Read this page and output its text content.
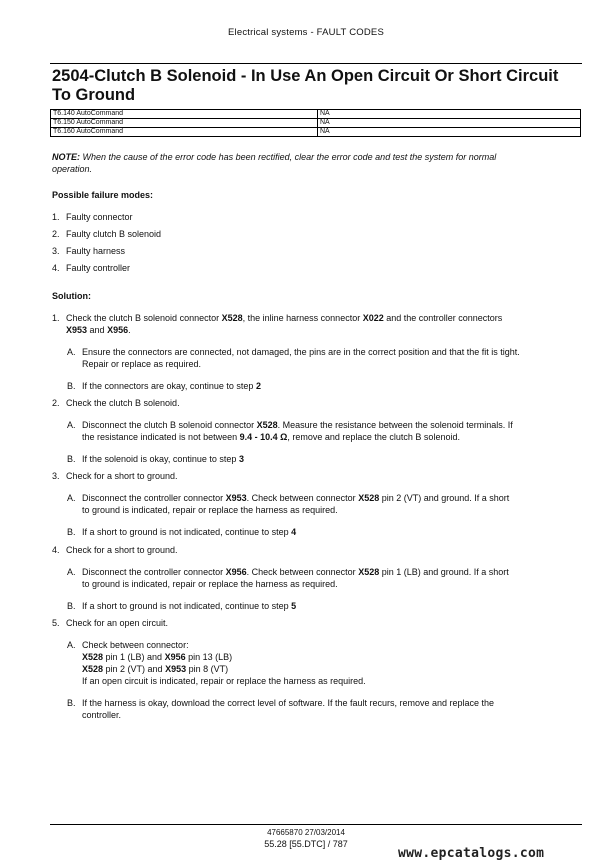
Electrical systems - FAULT CODES
2504-Clutch B Solenoid - In Use An Open Circuit Or Short Circuit
To Ground
T6.140 AutoCommand	NA
T6.150 AutoCommand	NA
T6.160 AutoCommand	NA
NOTE: When the cause of the error code has been rectified, clear the error code and test the system for normal
operation.
Possible failure modes:
1. Faulty connector
2. Faulty clutch B solenoid
3. Faulty harness
4. Faulty controller
Solution:
1. Check the clutch B solenoid connector X528, the inline harness connector X022 and the controller connectors
X953 and X956.
A. Ensure the connectors are connected, not damaged, the pins are in the correct position and that the fit is tight.
Repair or replace as required.
B. If the connectors are okay, continue to step 2
2. Check the clutch B solenoid.
A. Disconnect the clutch B solenoid connector X528. Measure the resistance between the solenoid terminals. If
the resistance indicated is not between 9.4 - 10.4 Ω, remove and replace the clutch B solenoid.
B. If the solenoid is okay, continue to step 3
3. Check for a short to ground.
A. Disconnect the controller connector X953. Check between connector X528 pin 2 (VT) and ground. If a short
to ground is indicated, repair or replace the harness as required.
B. If a short to ground is not indicated, continue to step 4
4. Check for a short to ground.
A. Disconnect the controller connector X956. Check between connector X528 pin 1 (LB) and ground. If a short
to ground is indicated, repair or replace the harness as required.
B. If a short to ground is not indicated, continue to step 5
5. Check for an open circuit.
A. Check between connector:
X528 pin 1 (LB) and X956 pin 13 (LB)
X528 pin 2 (VT) and X953 pin 8 (VT)
If an open circuit is indicated, repair or replace the harness as required.
B. If the harness is okay, download the correct level of software. If the fault recurs, remove and replace the
controller.
47665870 27/03/2014
55.28 [55.DTC] / 787
www.epcatalogs.com
